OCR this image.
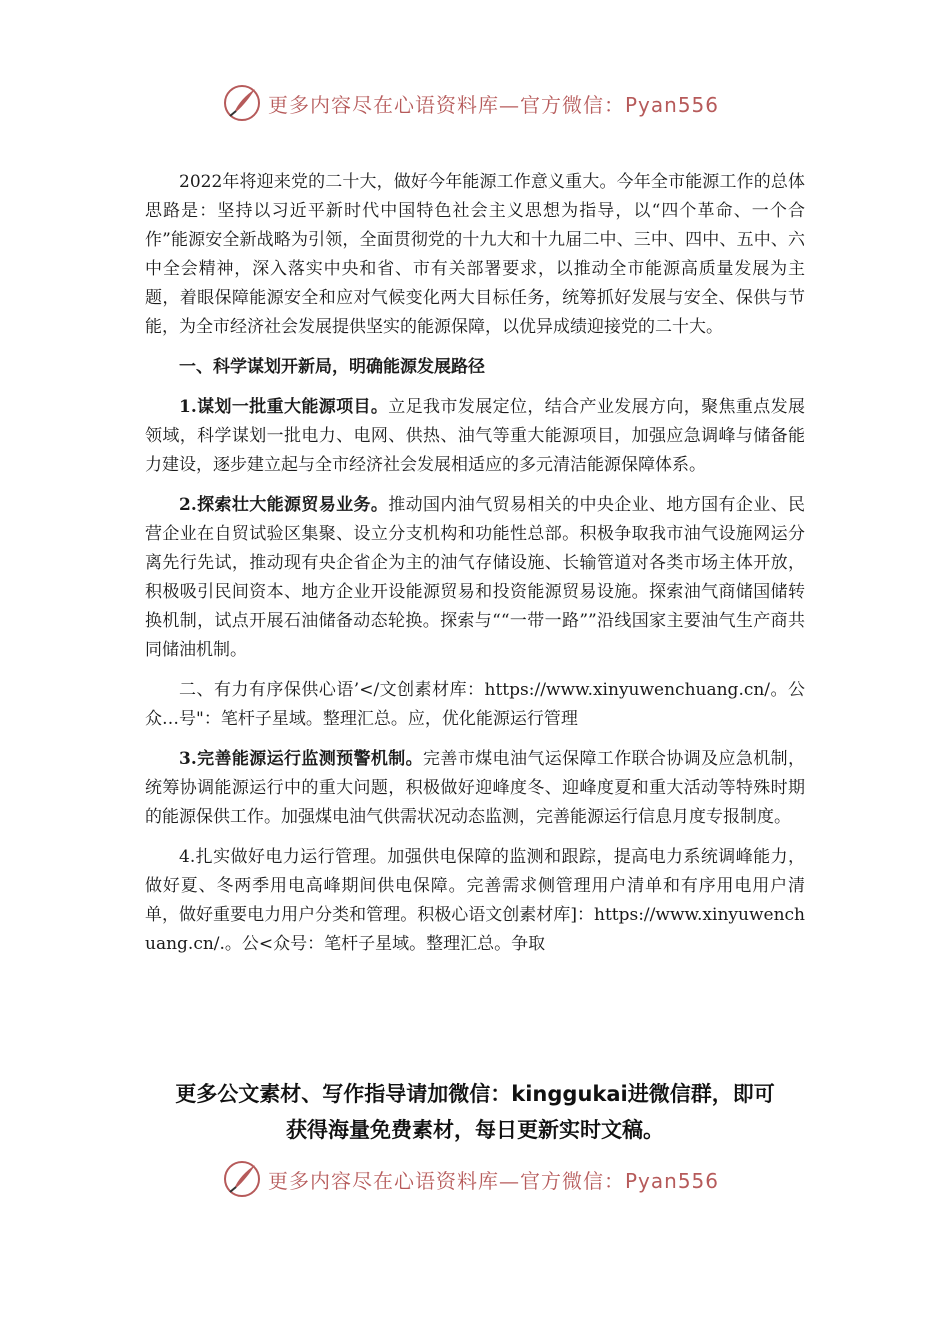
更多内容尽在心语资料库—官方微信：Pyan556

2022年将迎来党的二十大，做好今年能源工作意义重大。今年全市能源工作的总体思路是：坚持以习近平新时代中国特色社会主义思想为指导，以“四个革命、一个合作”能源安全新战略为引领，全面贯彻党的十九大和十九届二中、三中、四中、五中、六中全会精神，深入落实中央和省、市有关部署要求，以推动全市能源高质量发展为主题，着眼保障能源安全和应对气候变化两大目标任务，统筹抓好发展与安全、保供与节能，为全市经济社会发展提供坚实的能源保障，以优异成绩迎接党的二十大。

一、科学谋划开新局，明确能源发展路径

1.谋划一批重大能源项目。立足我市发展定位，结合产业发展方向，聚焦重点发展领域，科学谋划一批电力、电网、供热、油气等重大能源项目，加强应急调峰与储备能力建设，逐步建立起与全市经济社会发展相适应的多元清洁能源保障体系。

2.探索壮大能源贸易业务。推动国内油气贸易相关的中央企业、地方国有企业、民营企业在自贸试验区集聚、设立分支机构和功能性总部。积极争取我市油气设施网运分离先行先试，推动现有央企省企为主的油气存储设施、长输管道对各类市场主体开放，积极吸引民间资本、地方企业开设能源贸易和投资能源贸易设施。探索油气商储国储转换机制，试点开展石油储备动态轮换。探索与““一带一路””沿线国家主要油气生产商共同储油机制。

二、有力有序保供心语’</文创素材库：https://www.xinyuwenchuang.cn/。公众…号"：笔杆子星域。整理汇总。应，优化能源运行管理

3.完善能源运行监测预警机制。完善市煤电油气运保障工作联合协调及应急机制，统筹协调能源运行中的重大问题，积极做好迎峰度冬、迎峰度夏和重大活动等特殊时期的能源保供工作。加强煤电油气供需状况动态监测，完善能源运行信息月度专报制度。

4.扎实做好电力运行管理。加强供电保障的监测和跟踪，提高电力系统调峰能力，做好夏、冬两季用电高峰期间供电保障。完善需求侧管理用户清单和有序用电用户清单，做好重要电力用户分类和管理。积极心语文创素材库]：https://www.xinyuwenchuang.cn/.。公<众号：笔杆子星域。整理汇总。争取

更多公文素材、写作指导请加微信：kinggukai进微信群，即可
获得海量免费素材，每日更新实时文稿。
更多内容尽在心语资料库—官方微信：Pyan556
